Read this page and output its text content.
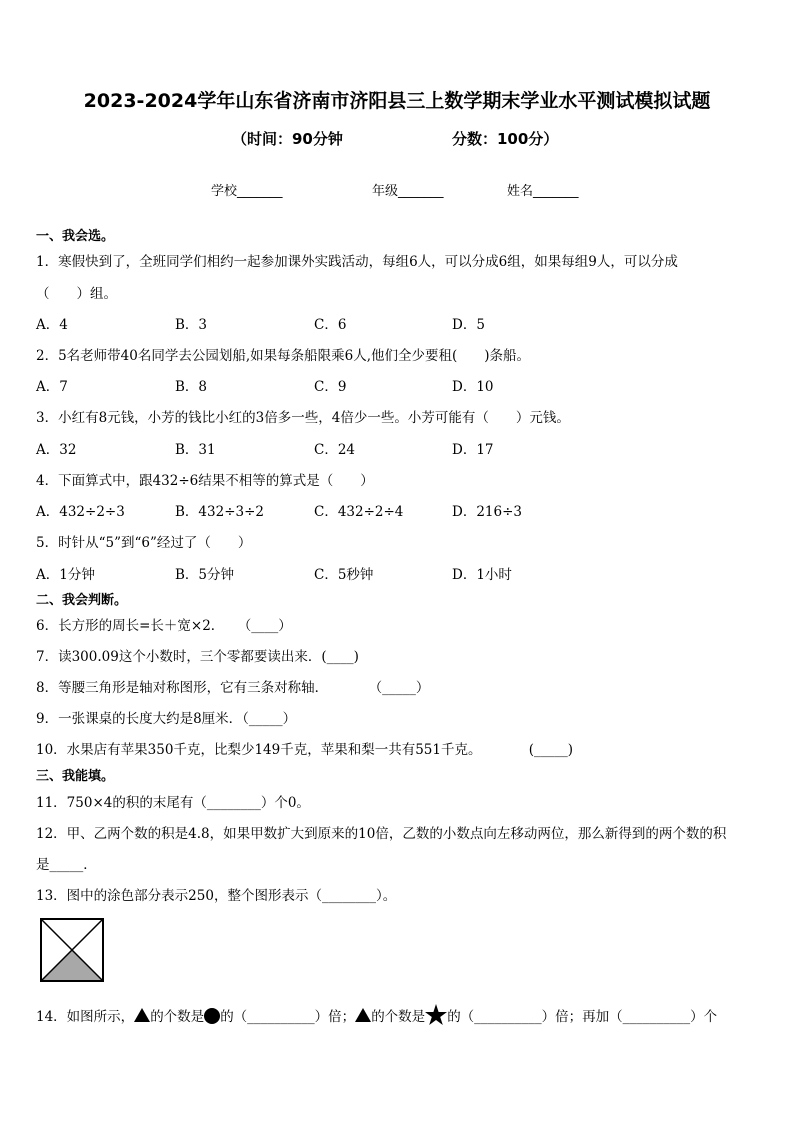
2023-2024学年山东省济南市济阳县三上数学期末学业水平测试模拟试题
（时间：90分钟	分数：100分）
学校_______	年级_______	姓名_______
一、我会选。
1．寒假快到了，全班同学们相约一起参加课外实践活动，每组6人，可以分成6组，如果每组9人，可以分成
（　　）组。
A．4	B．3	C．6	D．5
2．5名老师带40名同学去公园划船,如果每条船限乘6人,他们全少要租(　　)条船。
A．7	B．8	C．9	D．10
3．小红有8元钱，小芳的钱比小红的3倍多一些，4倍少一些。小芳可能有（　　）元钱。
A．32	B．31	C．24	D．17
4．下面算式中，跟432÷6结果不相等的算式是（　　）
A．432÷2÷3	B．432÷3÷2	C．432÷2÷4	D．216÷3
5．时针从“5”到“6”经过了（　　）
A．1分钟	B．5分钟	C．5秒钟	D．1小时
二、我会判断。
6．长方形的周长=长＋宽×2．　　（____）
7．读300.09这个小数时，三个零都要读出来．(____)
8．等腰三角形是轴对称图形，它有三条对称轴．　　　　（_____）
9．一张课桌的长度大约是8厘米．（_____）
10．水果店有苹果350千克，比梨少149千克，苹果和梨一共有551千克。　　　　(_____)
三、我能填。
11．750×4的积的末尾有（________）个0。
12．甲、乙两个数的积是4.8，如果甲数扩大到原来的10倍，乙数的小数点向左移动两位，那么新得到的两个数的积
是_____．
13．图中的涂色部分表示250，整个图形表示（________）。
14．如图所示， 的个数是 的（__________）倍； 的个数是 的（__________）倍；再加（__________）个
